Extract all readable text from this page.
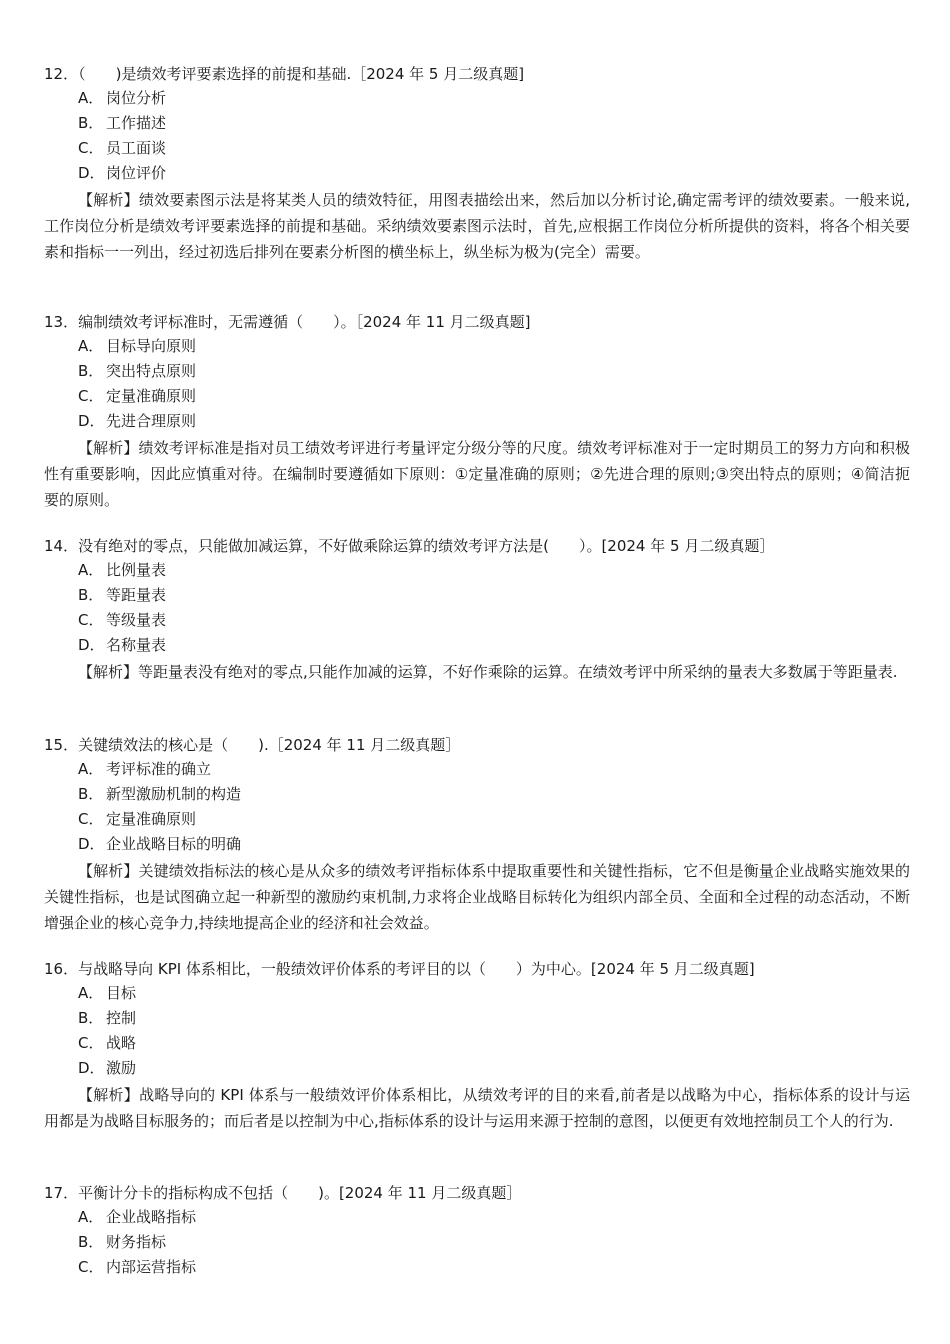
12．（　　)是绩效考评要素选择的前提和基础.［2024 年 5 月二级真题]
A． 岗位分析
B． 工作描述
C． 员工面谈
D．岗位评价
【解析】绩效要素图示法是将某类人员的绩效特征，用图表描绘出来，然后加以分析讨论,确定需考评的绩效要素。一般来说,工作岗位分析是绩效考评要素选择的前提和基础。采纳绩效要素图示法时，首先,应根据工作岗位分析所提供的资料，将各个相关要素和指标一一列出，经过初选后排列在要素分析图的横坐标上，纵坐标为极为(完全）需要。
13．编制绩效考评标准时，无需遵循（　　）。［2024 年 11 月二级真题]
A． 目标导向原则
B． 突出特点原则
C． 定量准确原则
D．先进合理原则
【解析】绩效考评标准是指对员工绩效考评进行考量评定分级分等的尺度。绩效考评标准对于一定时期员工的努力方向和积极性有重要影响，因此应慎重对待。在编制时要遵循如下原则：①定量准确的原则；②先进合理的原则;③突出特点的原则；④简洁扼要的原则。
14．没有绝对的零点，只能做加减运算，不好做乘除运算的绩效考评方法是(　　）。[2024 年 5 月二级真题］
A． 比例量表
B． 等距量表
C． 等级量表
D．名称量表
【解析】等距量表没有绝对的零点,只能作加减的运算，不好作乘除的运算。在绩效考评中所采纳的量表大多数属于等距量表.
15．关键绩效法的核心是（　　).［2024 年 11 月二级真题］
A． 考评标准的确立
B． 新型激励机制的构造
C． 定量准确原则
D．企业战略目标的明确
【解析】关键绩效指标法的核心是从众多的绩效考评指标体系中提取重要性和关键性指标，它不但是衡量企业战略实施效果的关键性指标，也是试图确立起一种新型的激励约束机制,力求将企业战略目标转化为组织内部全员、全面和全过程的动态活动，不断增强企业的核心竞争力,持续地提高企业的经济和社会效益。
16．与战略导向 KPI 体系相比，一般绩效评价体系的考评目的以（　　）为中心。[2024 年 5 月二级真题]
A． 目标
B． 控制
C． 战略
D．激励
【解析】战略导向的 KPI 体系与一般绩效评价体系相比，从绩效考评的目的来看,前者是以战略为中心，指标体系的设计与运用都是为战略目标服务的；而后者是以控制为中心,指标体系的设计与运用来源于控制的意图，以便更有效地控制员工个人的行为.
17．平衡计分卡的指标构成不包括（　　)。[2024 年 11 月二级真题］
A． 企业战略指标
B． 财务指标
C． 内部运营指标
